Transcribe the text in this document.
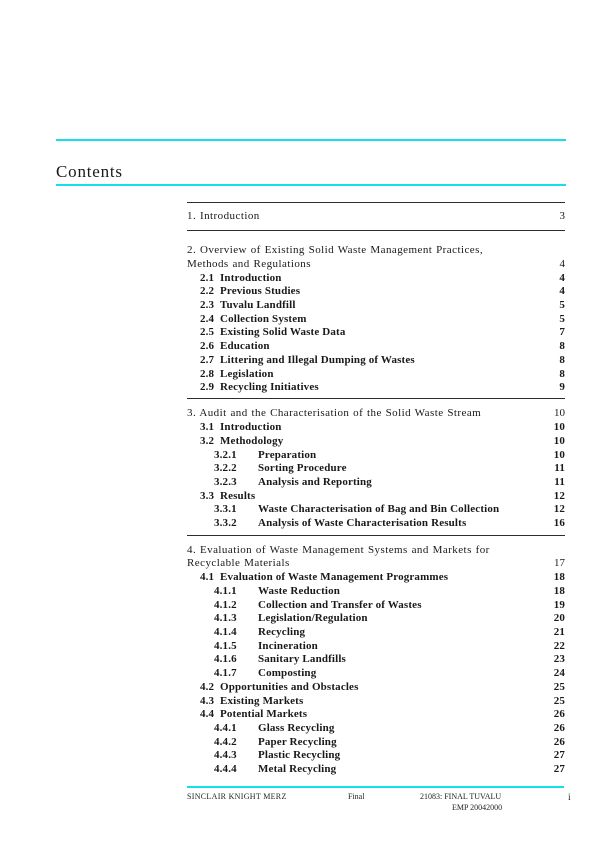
Contents
1. Introduction	3
2. Overview of Existing Solid Waste Management Practices,
Methods and Regulations	4
2.1 Introduction	4
2.2 Previous Studies	4
2.3 Tuvalu Landfill	5
2.4 Collection System	5
2.5 Existing Solid Waste Data	7
2.6 Education	8
2.7 Littering and Illegal Dumping of Wastes	8
2.8 Legislation	8
2.9 Recycling Initiatives	9
3. Audit and the Characterisation of the Solid Waste Stream	10
3.1 Introduction	10
3.2 Methodology	10
3.2.1	Preparation	10
3.2.2	Sorting Procedure	11
3.2.3	Analysis and Reporting	11
3.3 Results	12
3.3.1	Waste Characterisation of Bag and Bin Collection	12
3.3.2	Analysis of Waste Characterisation Results	16
4. Evaluation of Waste Management Systems and Markets for
Recyclable Materials	17
4.1 Evaluation of Waste Management Programmes	18
4.1.1	Waste Reduction	18
4.1.2	Collection and Transfer of Wastes	19
4.1.3	Legislation/Regulation	20
4.1.4	Recycling	21
4.1.5	Incineration	22
4.1.6	Sanitary Landfills	23
4.1.7	Composting	24
4.2 Opportunities and Obstacles	25
4.3 Existing Markets	25
4.4 Potential Markets	26
4.4.1	Glass Recycling	26
4.4.2	Paper Recycling	26
4.4.3	Plastic Recycling	27
4.4.4	Metal Recycling	27
SINCLAIR KNIGHT MERZ	Final	21083: FINAL TUVALU
EMP 20042000
i
